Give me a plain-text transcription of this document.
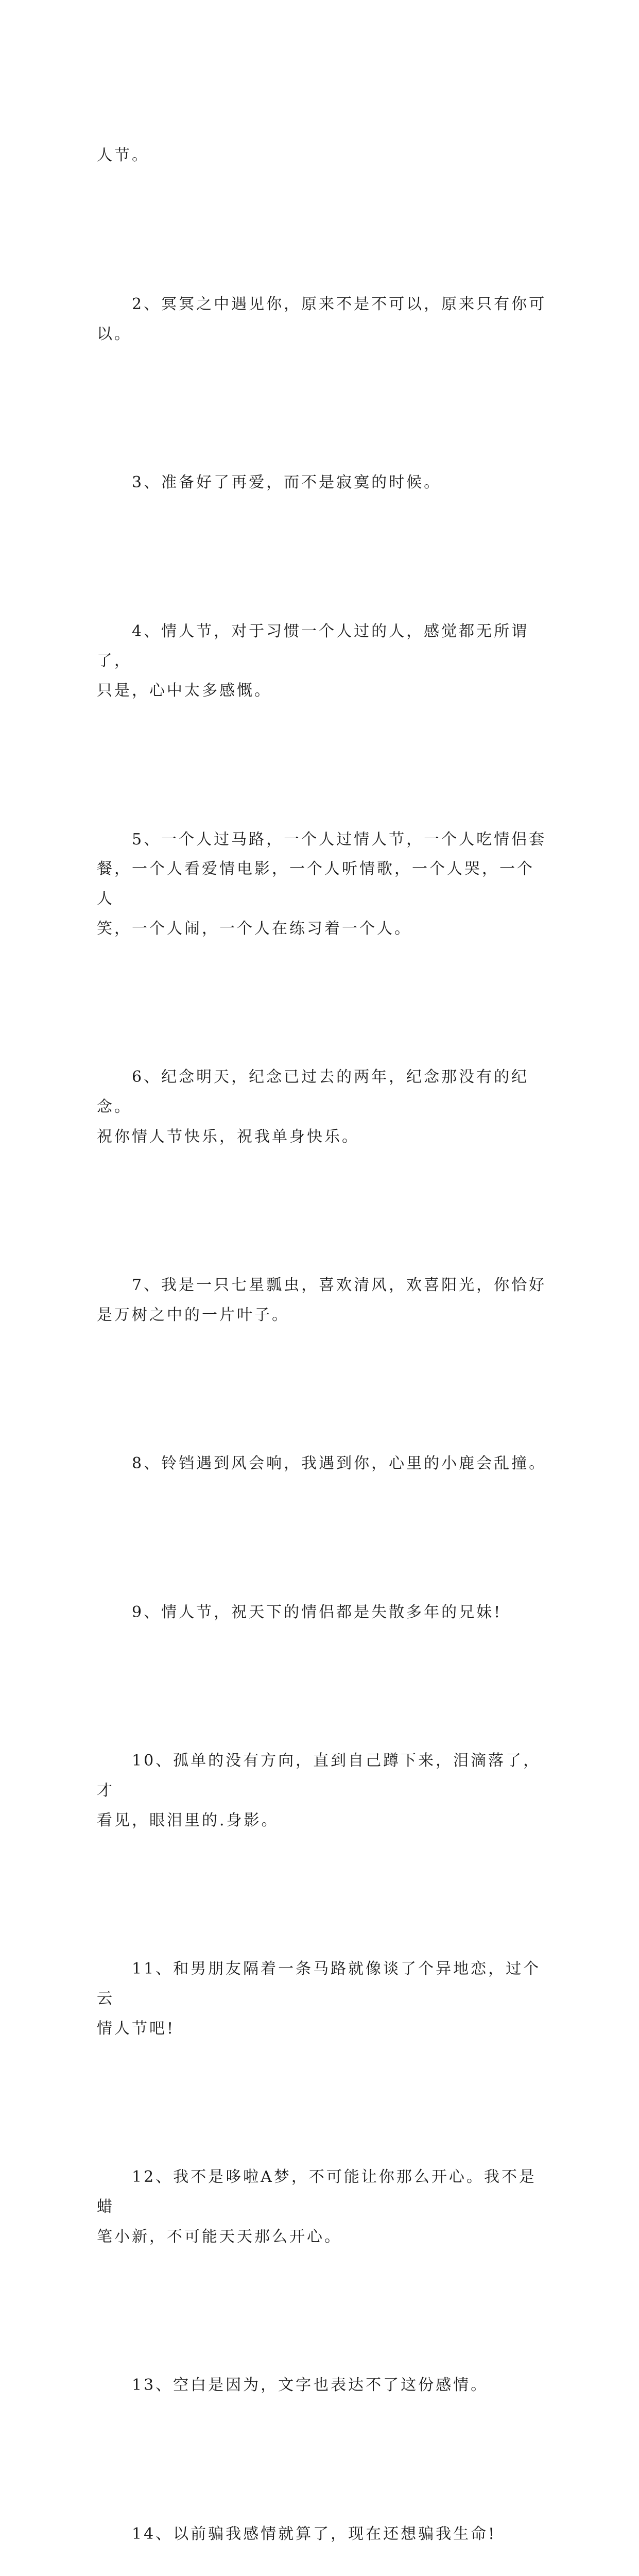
人节。

2、冥冥之中遇见你，原来不是不可以，原来只有你可
以。

3、准备好了再爱，而不是寂寞的时候。

4、情人节，对于习惯一个人过的人，感觉都无所谓了，
只是，心中太多感慨。

5、一个人过马路，一个人过情人节，一个人吃情侣套
餐，一个人看爱情电影，一个人听情歌，一个人哭，一个人
笑，一个人闹，一个人在练习着一个人。

6、纪念明天，纪念已过去的两年，纪念那没有的纪念。
祝你情人节快乐，祝我单身快乐。

7、我是一只七星瓢虫，喜欢清风，欢喜阳光，你恰好
是万树之中的一片叶子。

8、铃铛遇到风会响，我遇到你，心里的小鹿会乱撞。

9、情人节，祝天下的情侣都是失散多年的兄妹!

10、孤单的没有方向，直到自己蹲下来，泪滴落了，才
看见，眼泪里的.身影。

11、和男朋友隔着一条马路就像谈了个异地恋，过个云
情人节吧!

12、我不是哆啦A梦，不可能让你那么开心。我不是蜡
笔小新，不可能天天那么开心。

13、空白是因为，文字也表达不了这份感情。

14、以前骗我感情就算了，现在还想骗我生命!
